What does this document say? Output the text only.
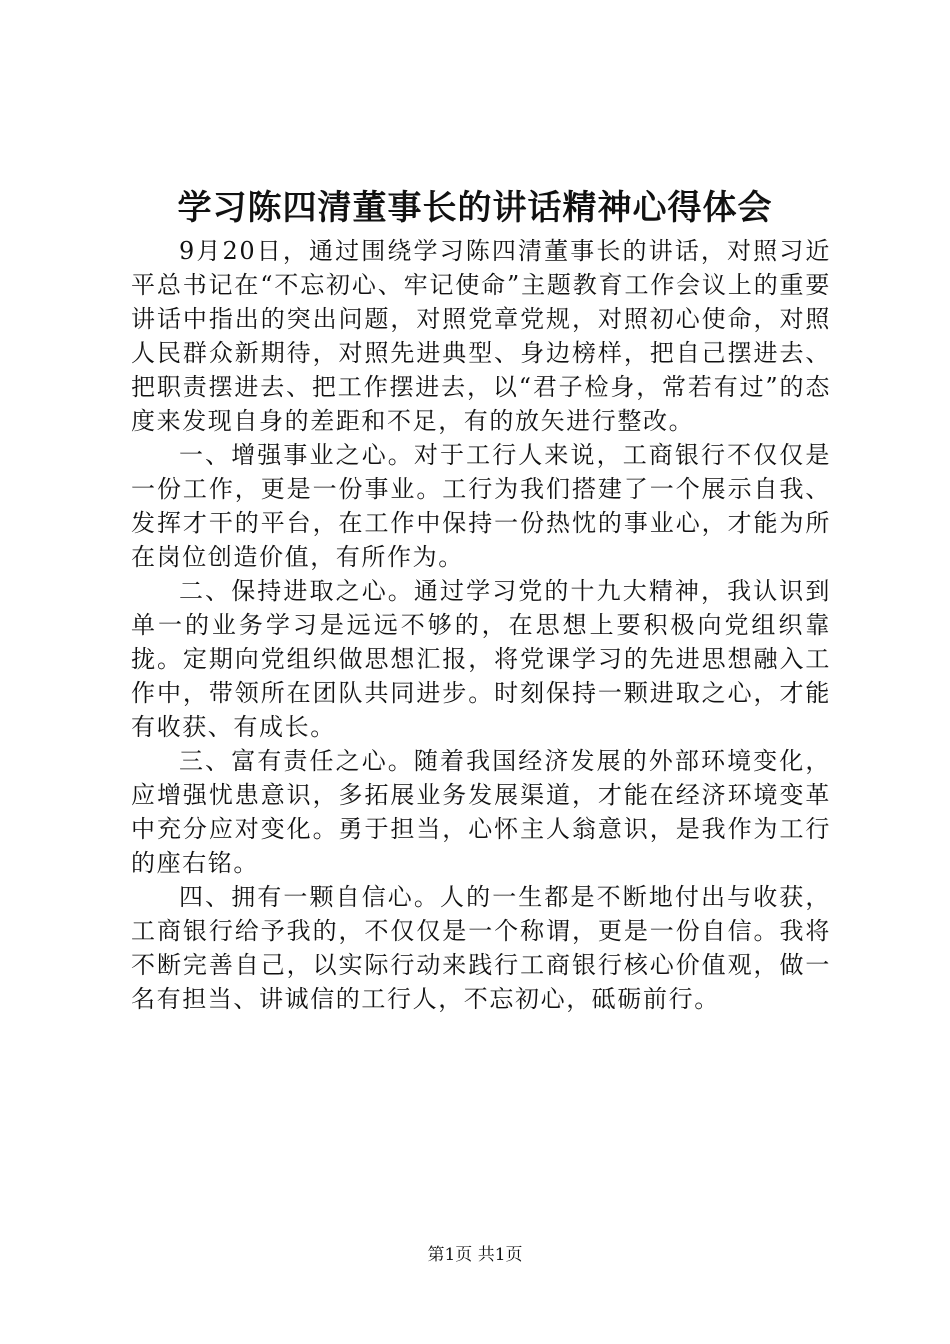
学习陈四清董事长的讲话精神心得体会

9月20日，通过围绕学习陈四清董事长的讲话，对照习近平总书记在“不忘初心、牢记使命”主题教育工作会议上的重要讲话中指出的突出问题，对照党章党规，对照初心使命，对照人民群众新期待，对照先进典型、身边榜样，把自己摆进去、把职责摆进去、把工作摆进去，以“君子检身，常若有过”的态度来发现自身的差距和不足，有的放矢进行整改。

一、增强事业之心。对于工行人来说，工商银行不仅仅是一份工作，更是一份事业。工行为我们搭建了一个展示自我、发挥才干的平台，在工作中保持一份热忱的事业心，才能为所在岗位创造价值，有所作为。

二、保持进取之心。通过学习党的十九大精神，我认识到单一的业务学习是远远不够的，在思想上要积极向党组织靠拢。定期向党组织做思想汇报，将党课学习的先进思想融入工作中，带领所在团队共同进步。时刻保持一颗进取之心，才能有收获、有成长。

三、富有责任之心。随着我国经济发展的外部环境变化，应增强忧患意识，多拓展业务发展渠道，才能在经济环境变革中充分应对变化。勇于担当，心怀主人翁意识，是我作为工行的座右铭。

四、拥有一颗自信心。人的一生都是不断地付出与收获，工商银行给予我的，不仅仅是一个称谓，更是一份自信。我将不断完善自己，以实际行动来践行工商银行核心价值观，做一名有担当、讲诚信的工行人，不忘初心，砥砺前行。

第1页 共1页
